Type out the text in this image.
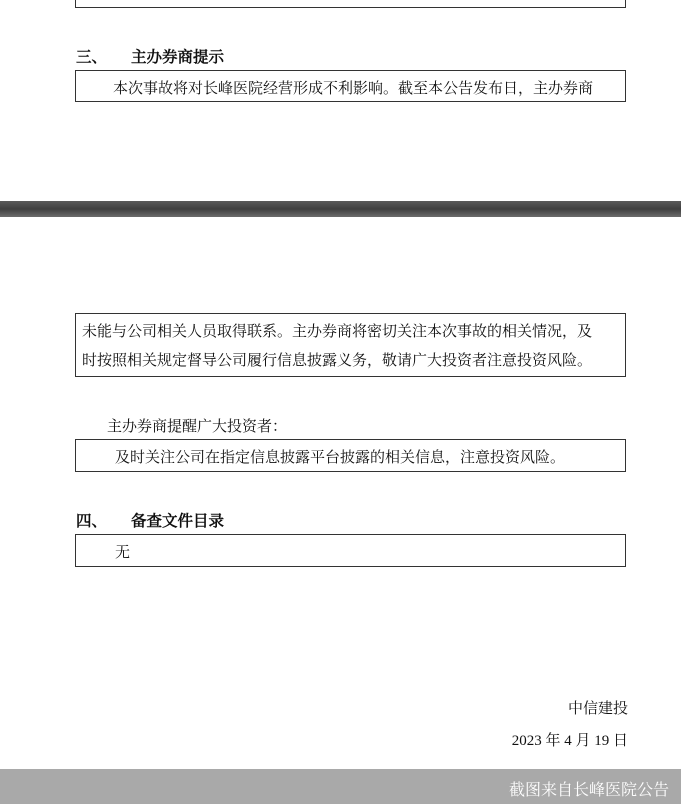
三、 主办券商提示
本次事故将对长峰医院经营形成不利影响。截至本公告发布日，主办券商
未能与公司相关人员取得联系。主办券商将密切关注本次事故的相关情况，及
时按照相关规定督导公司履行信息披露义务，敬请广大投资者注意投资风险。
主办券商提醒广大投资者：
及时关注公司在指定信息披露平台披露的相关信息，注意投资风险。
四、 备查文件目录
无
中信建投
2023 年 4 月 19 日
截图来自长峰医院公告
